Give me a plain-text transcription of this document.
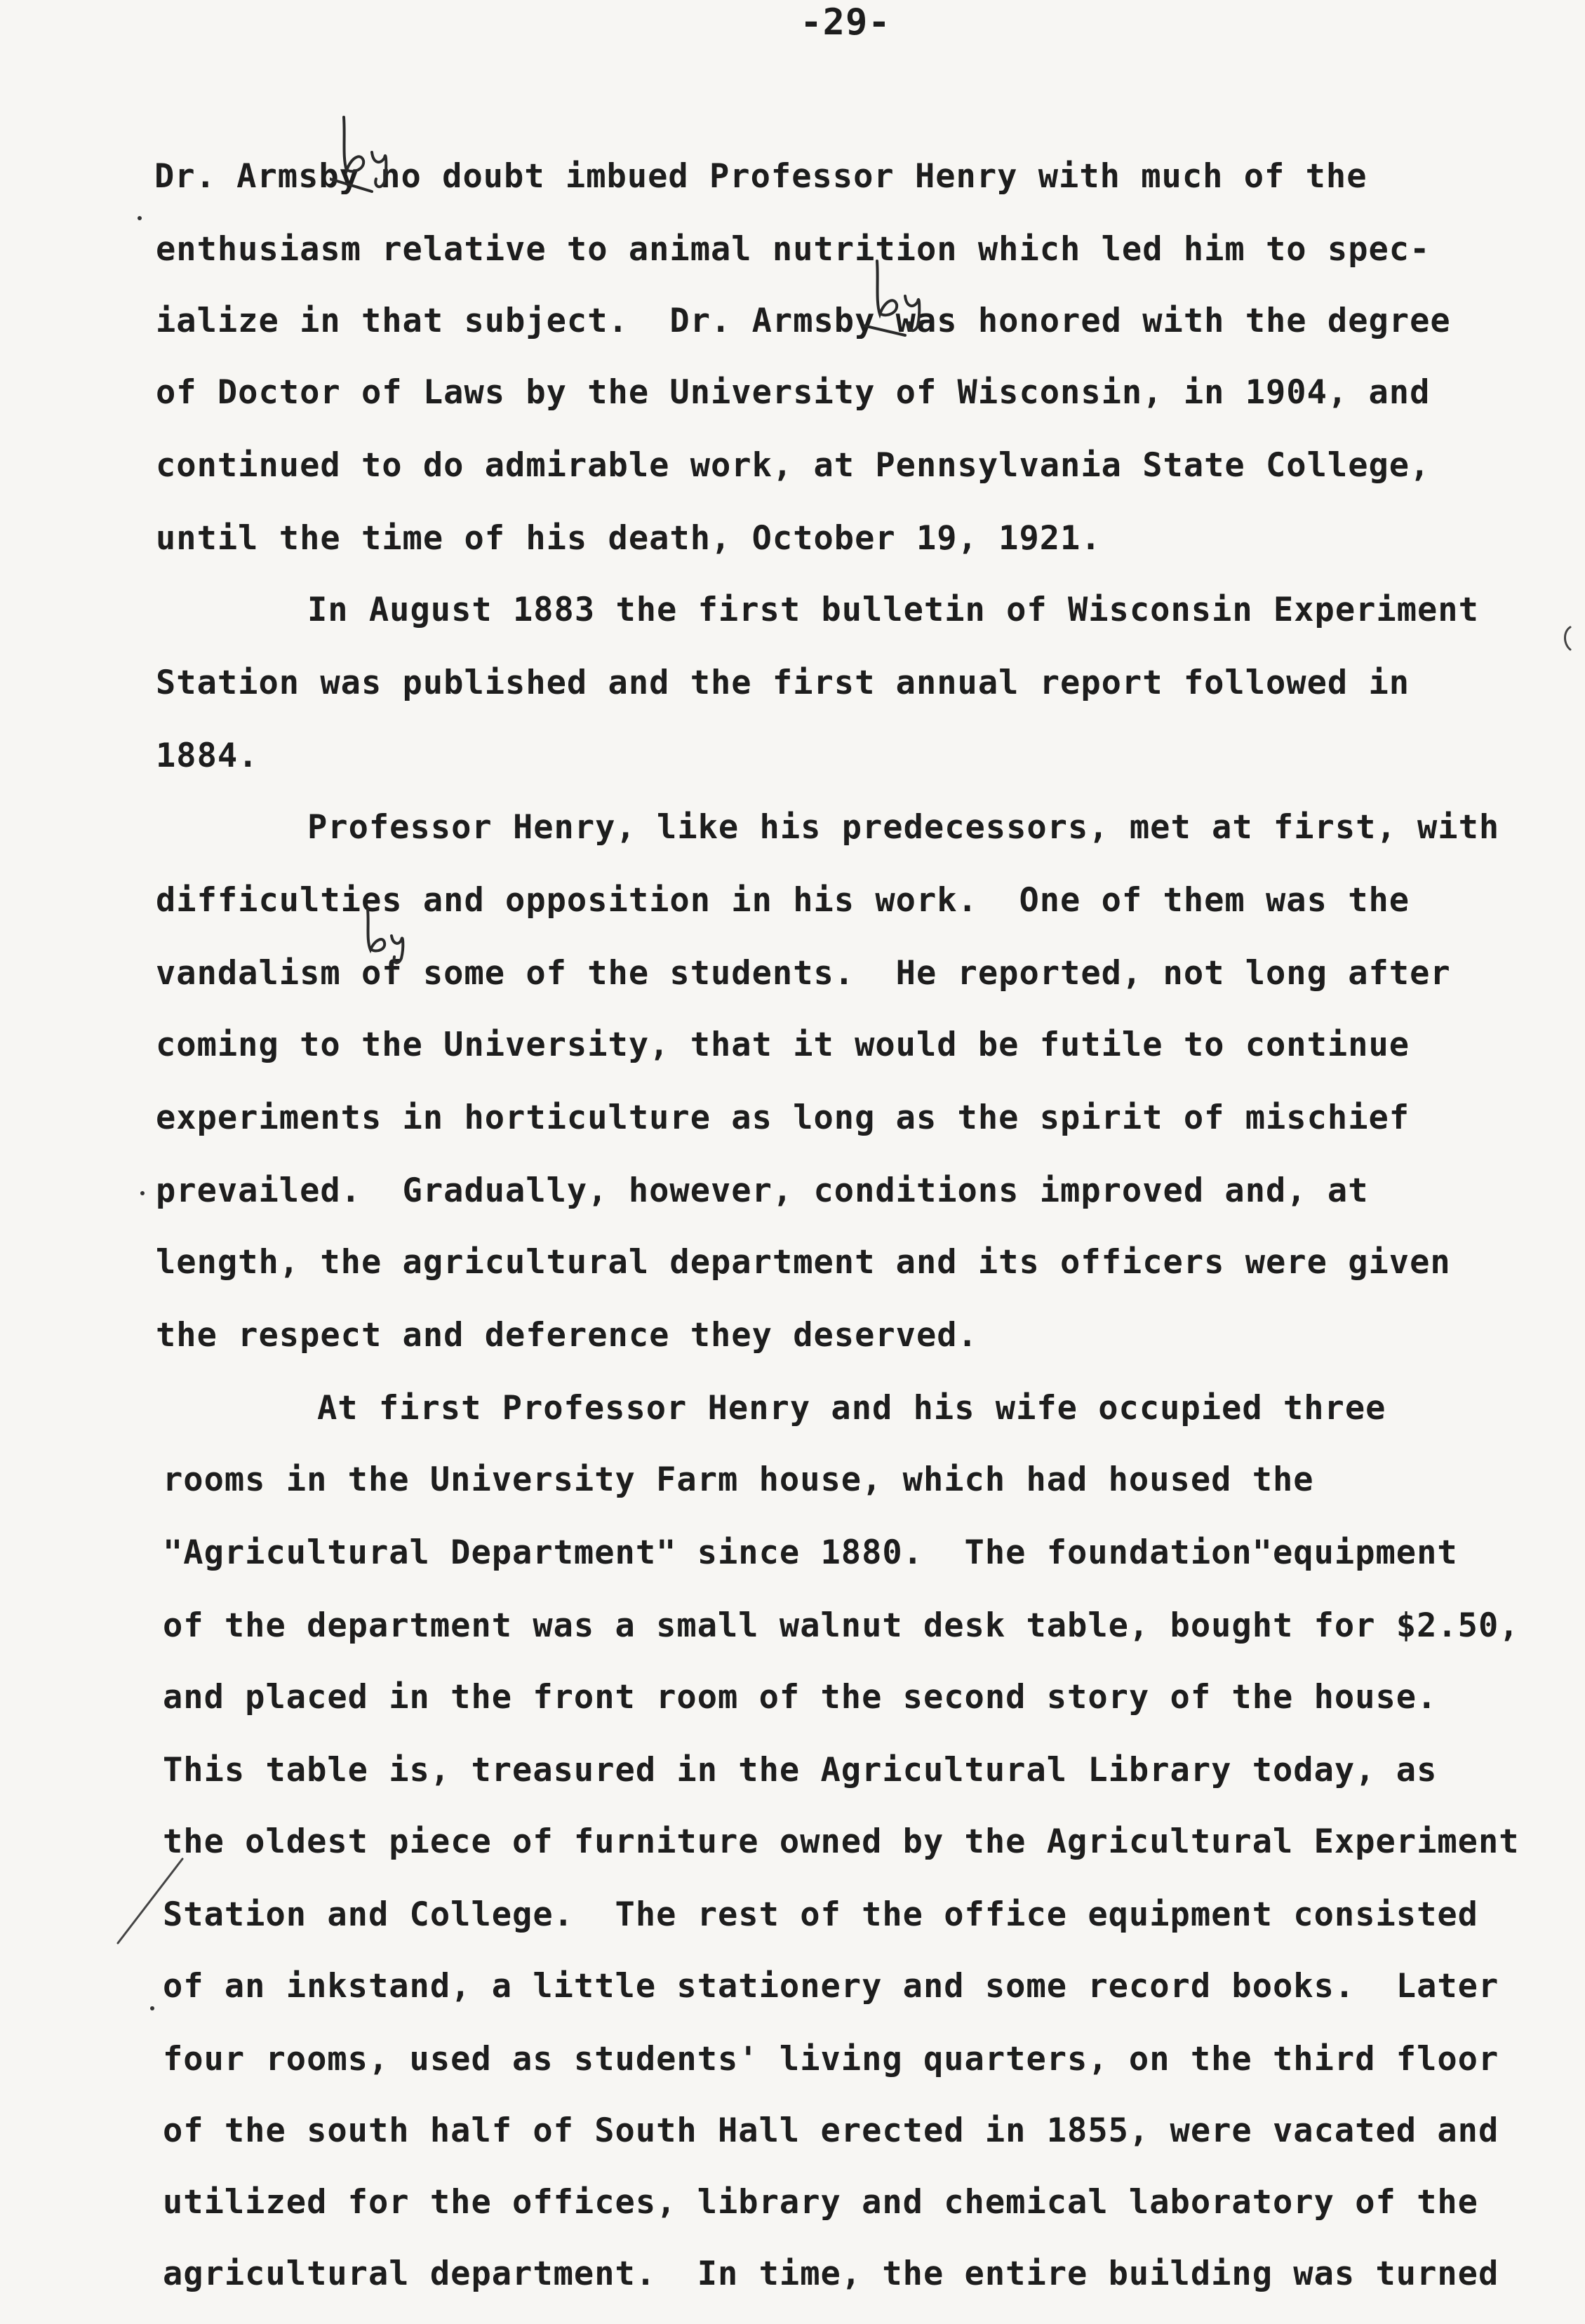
-29-
Dr. Armsby no doubt imbued Professor Henry with much of the
enthusiasm relative to animal nutrition which led him to spec-
ialize in that subject.  Dr. Armsby was honored with the degree
of Doctor of Laws by the University of Wisconsin, in 1904, and
continued to do admirable work, at Pennsylvania State College,
until the time of his death, October 19, 1921.
In August 1883 the first bulletin of Wisconsin Experiment
Station was published and the first annual report followed in
1884.
Professor Henry, like his predecessors, met at first, with
difficulties and opposition in his work.  One of them was the
vandalism of some of the students.  He reported, not long after
coming to the University, that it would be futile to continue
experiments in horticulture as long as the spirit of mischief
prevailed.  Gradually, however, conditions improved and, at
length, the agricultural department and its officers were given
the respect and deference they deserved.
At first Professor Henry and his wife occupied three
rooms in the University Farm house, which had housed the
"Agricultural Department" since 1880.  The foundation"equipment
of the department was a small walnut desk table, bought for $2.50,
and placed in the front room of the second story of the house.
This table is, treasured in the Agricultural Library today, as
the oldest piece of furniture owned by the Agricultural Experiment
Station and College.  The rest of the office equipment consisted
of an inkstand, a little stationery and some record books.  Later
four rooms, used as students' living quarters, on the third floor
of the south half of South Hall erected in 1855, were vacated and
utilized for the offices, library and chemical laboratory of the
agricultural department.  In time, the entire building was turned
